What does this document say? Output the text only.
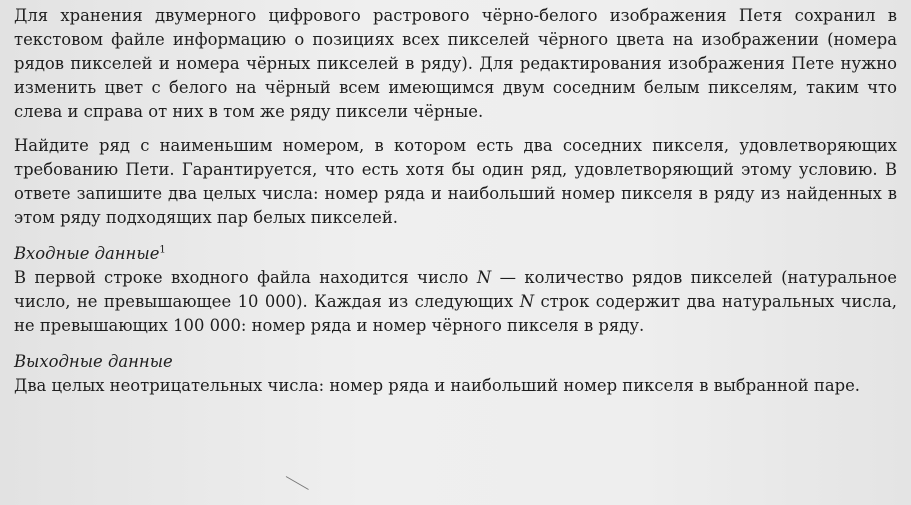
Для хранения двумерного цифрового растрового чёрно-белого изображения Петя сохранил в текстовом файле информацию о позициях всех пикселей чёрного цвета на изображении (номера рядов пикселей и номера чёрных пикселей в ряду). Для редактирования изображения Пете нужно изменить цвет с белого на чёрный всем имеющимся двум соседним белым пикселям, таким что слева и справа от них в том же ряду пиксели чёрные.

Найдите ряд с наименьшим номером, в котором есть два соседних пикселя, удовлетворяющих требованию Пети. Гарантируется, что есть хотя бы один ряд, удовлетворяющий этому условию. В ответе запишите два целых числа: номер ряда и наибольший номер пикселя в ряду из найденных в этом ряду подходящих пар белых пикселей.

Входные данные$^1$

В первой строке входного файла находится число N — количество рядов пикселей (натуральное число, не превышающее 10 000). Каждая из следующих N строк содержит два натуральных числа, не превышающих 100 000: номер ряда и номер чёрного пикселя в ряду.

Выходные данные

Два целых неотрицательных числа: номер ряда и наибольший номер пикселя в выбранной паре.
